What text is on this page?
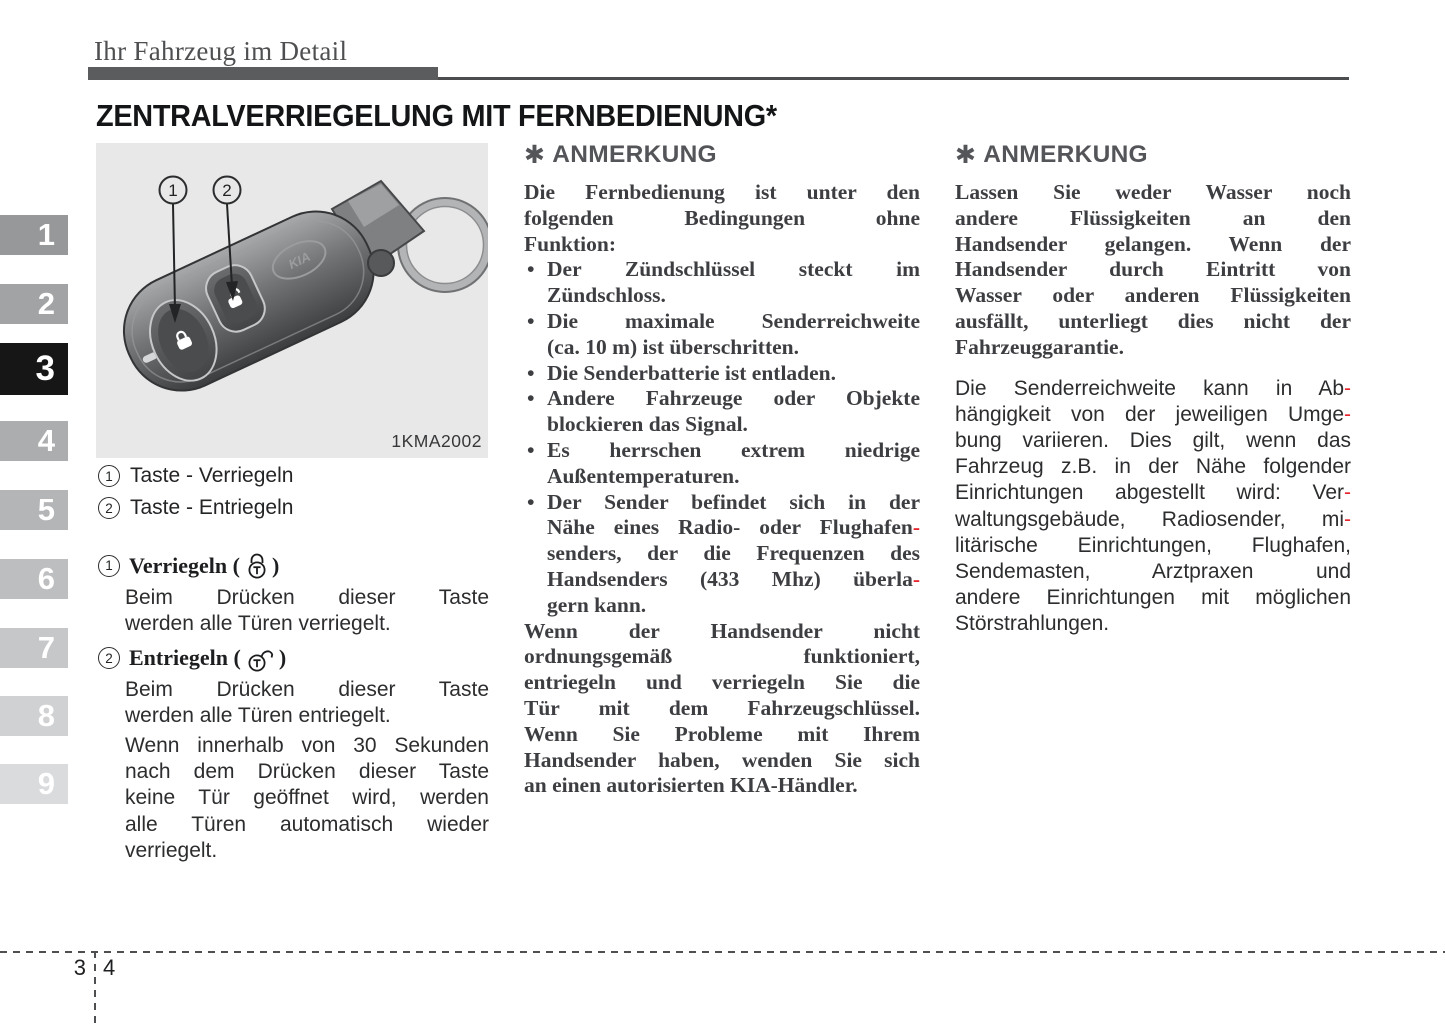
1
2
3
4
5
6
7
8
9
Ihr Fahrzeug im Detail
ZENTRALVERRIEGELUNG MIT FERNBEDIENUNG*
KIA
1	2
1KMA2002
1 Taste - Verriegeln
2 Taste - Entriegeln
1 Verriegeln ( )
Beim Drücken dieser Taste
werden alle Türen verriegelt.
2 Entriegeln ( )
Beim Drücken dieser Taste
werden alle Türen entriegelt.
Wenn innerhalb von 30 Sekunden
nach dem Drücken dieser Taste
keine Tür geöffnet wird, werden
alle Türen automatisch wieder
verriegelt.
✱ ANMERKUNG
Die Fernbedienung ist unter den
folgenden Bedingungen ohne
Funktion:
• Der Zündschlüssel steckt im
Zündschloss.
• Die maximale Senderreichweite
(ca. 10 m) ist überschritten.
• Die Senderbatterie ist entladen.
• Andere Fahrzeuge oder Objekte
blockieren das Signal.
• Es herrschen extrem niedrige
Außentemperaturen.
• Der Sender befindet sich in der
Nähe eines Radio- oder Flughafen-
senders, der die Frequenzen des
Handsenders (433 Mhz) überla-
gern kann.
Wenn der Handsender nicht
ordnungsgemäß funktioniert,
entriegeln und verriegeln Sie die
Tür mit dem Fahrzeugschlüssel.
Wenn Sie Probleme mit Ihrem
Handsender haben, wenden Sie sich
an einen autorisierten KIA-Händler.
✱ ANMERKUNG
Lassen Sie weder Wasser noch
andere Flüssigkeiten an den
Handsender gelangen. Wenn der
Handsender durch Eintritt von
Wasser oder anderen Flüssigkeiten
ausfällt, unterliegt dies nicht der
Fahrzeuggarantie.
Die Senderreichweite kann in Ab-
hängigkeit von der jeweiligen Umge-
bung variieren. Dies gilt, wenn das
Fahrzeug z.B. in der Nähe folgender
Einrichtungen abgestellt wird: Ver-
waltungsgebäude, Radiosender, mi-
litärische Einrichtungen, Flughafen,
Sendemasten, Arztpraxen und
andere Einrichtungen mit möglichen
Störstrahlungen.
3 4
